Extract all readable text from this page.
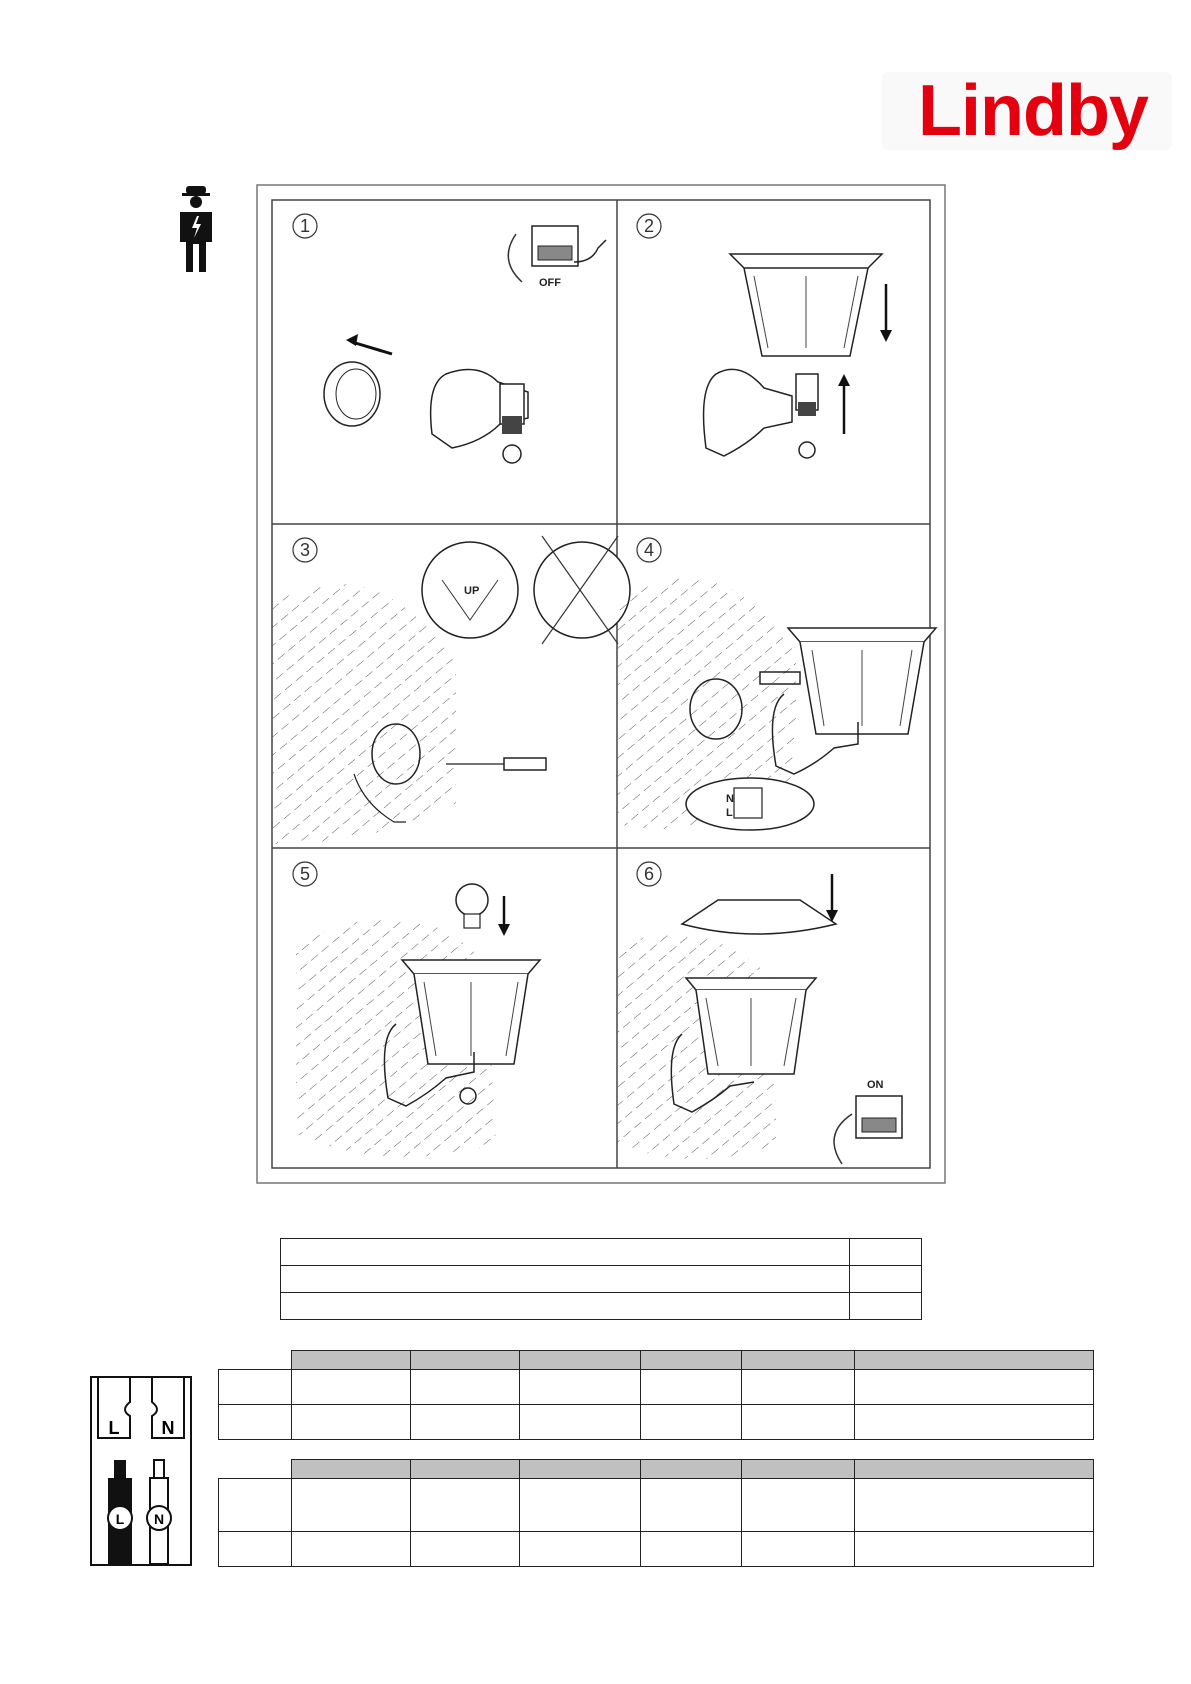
Lindby
1
OFF
2
3
UP
4
N
L
5	6
ON

L N
L N
